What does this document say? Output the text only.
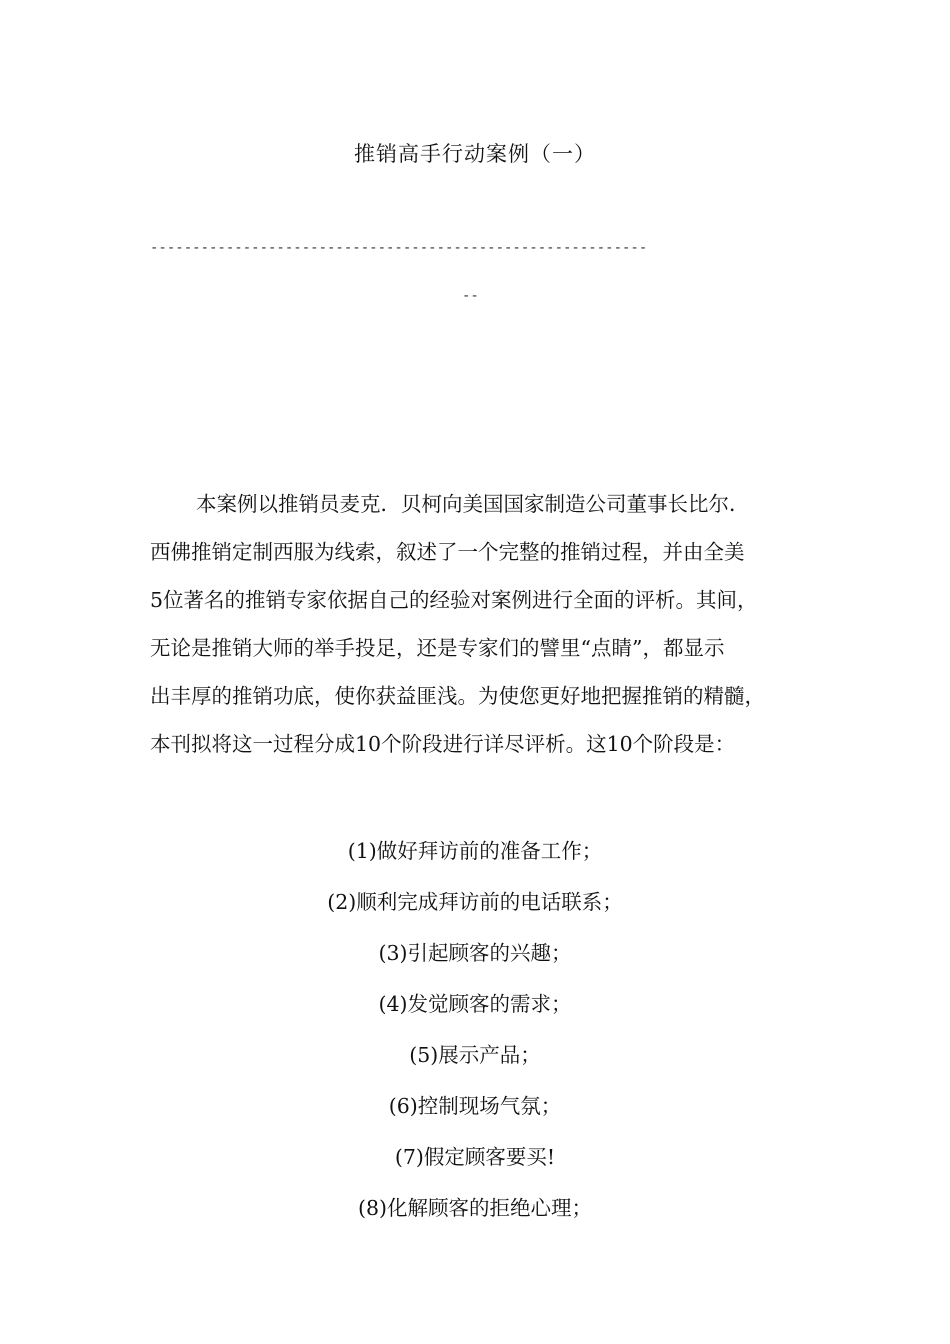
推销高手行动案例（一）
-----------------------------------------------------------
--

本案例以推销员麦克．贝柯向美国国家制造公司董事长比尔．
西佛推销定制西服为线索，叙述了一个完整的推销过程，并由全美
5位著名的推销专家依据自己的经验对案例进行全面的评析。其间，
无论是推销大师的举手投足，还是专家们的譬里“点睛”，都显示
出丰厚的推销功底，使你获益匪浅。为使您更好地把握推销的精髓，
本刊拟将这一过程分成10个阶段进行详尽评析。这10个阶段是：

(1)做好拜访前的准备工作；
(2)顺利完成拜访前的电话联系；
(3)引起顾客的兴趣；
(4)发觉顾客的需求；
(5)展示产品；
(6)控制现场气氛；
(7)假定顾客要买!
(8)化解顾客的拒绝心理；
